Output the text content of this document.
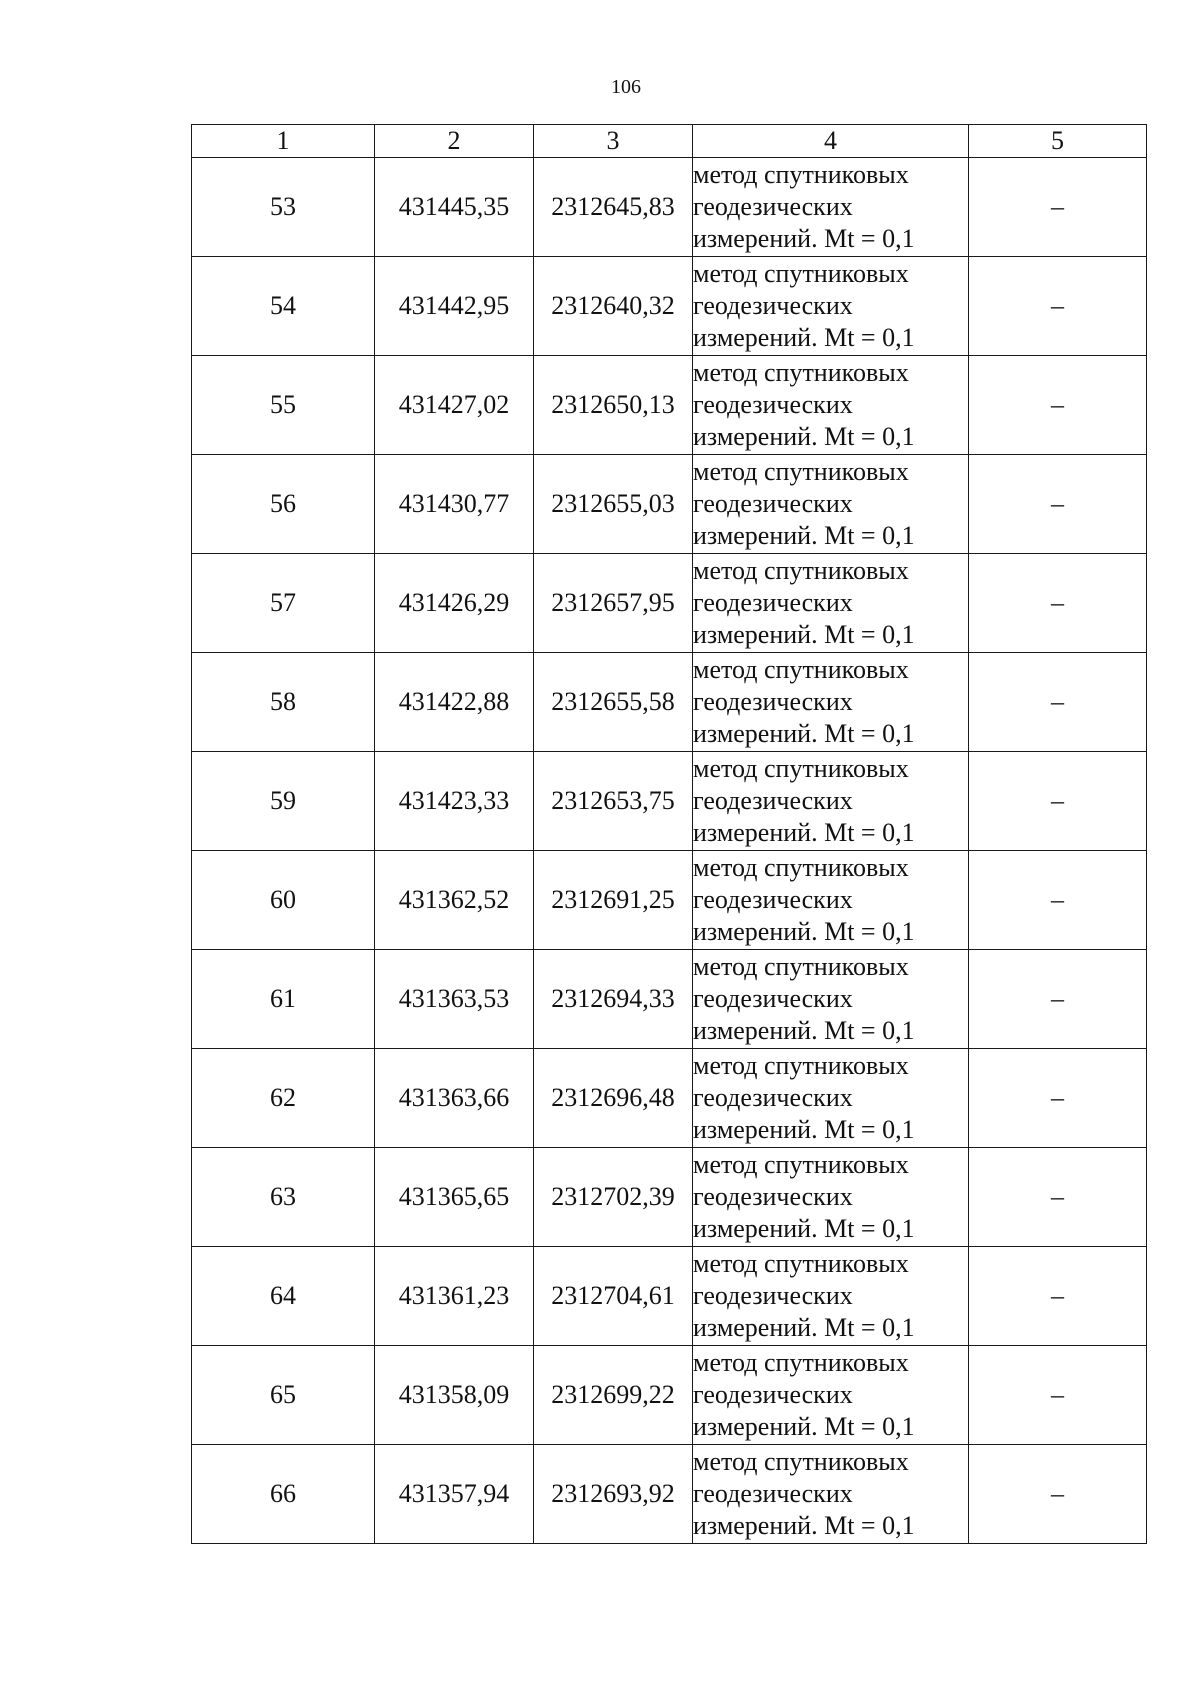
106
1	2	3	4	5
53	431445,35	2312645,83	метод спутниковых
геодезических
измерений. Mt = 0,1	–
54	431442,95	2312640,32	метод спутниковых
геодезических
измерений. Mt = 0,1	–
55	431427,02	2312650,13	метод спутниковых
геодезических
измерений. Mt = 0,1	–
56	431430,77	2312655,03	метод спутниковых
геодезических
измерений. Mt = 0,1	–
57	431426,29	2312657,95	метод спутниковых
геодезических
измерений. Mt = 0,1	–
58	431422,88	2312655,58	метод спутниковых
геодезических
измерений. Mt = 0,1	–
59	431423,33	2312653,75	метод спутниковых
геодезических
измерений. Mt = 0,1	–
60	431362,52	2312691,25	метод спутниковых
геодезических
измерений. Mt = 0,1	–
61	431363,53	2312694,33	метод спутниковых
геодезических
измерений. Mt = 0,1	–
62	431363,66	2312696,48	метод спутниковых
геодезических
измерений. Mt = 0,1	–
63	431365,65	2312702,39	метод спутниковых
геодезических
измерений. Mt = 0,1	–
64	431361,23	2312704,61	метод спутниковых
геодезических
измерений. Mt = 0,1	–
65	431358,09	2312699,22	метод спутниковых
геодезических
измерений. Mt = 0,1	–
66	431357,94	2312693,92	метод спутниковых
геодезических
измерений. Mt = 0,1	–
